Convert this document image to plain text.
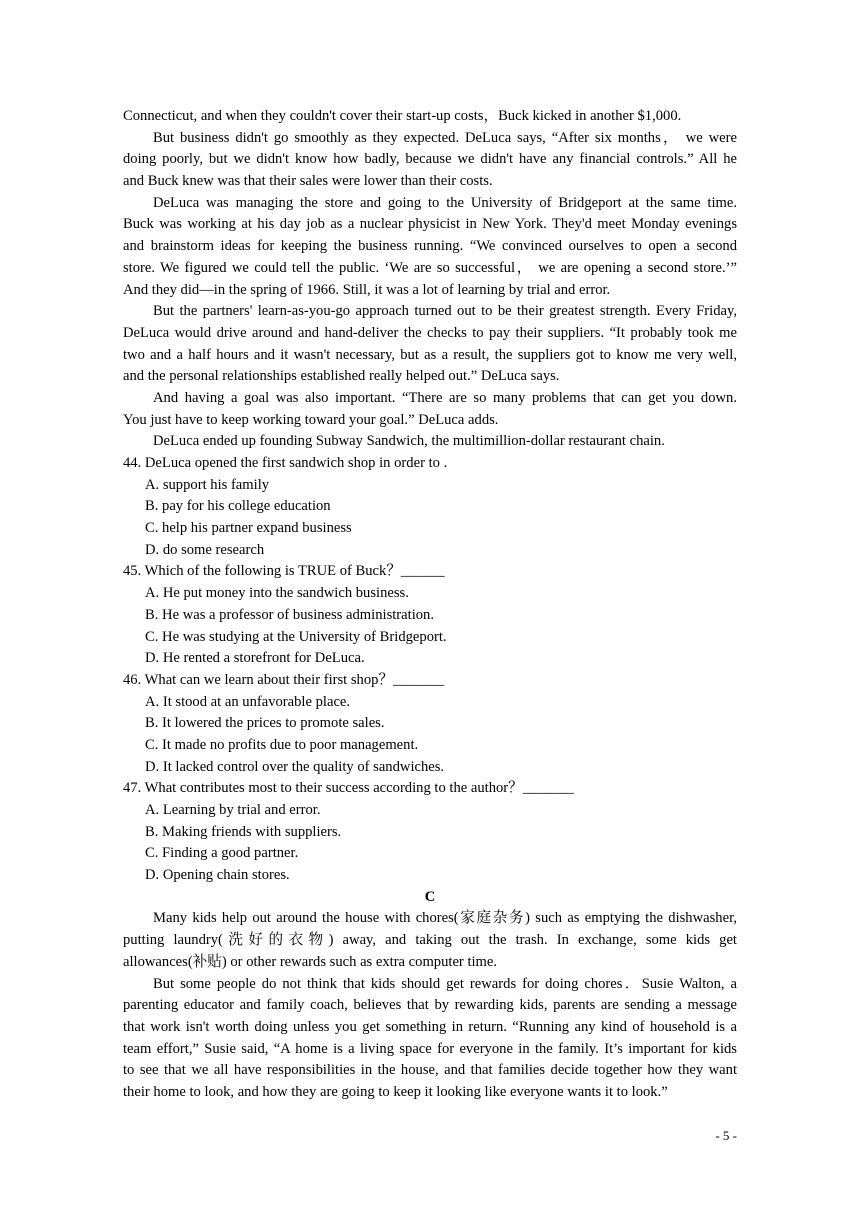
Connecticut, and when they couldn't cover their start-up costs，Buck kicked in another $1,000.
But business didn't go smoothly as they expected. DeLuca says, “After six months， we were
doing poorly, but we didn't know how badly, because we didn't have any financial controls.” All he
and Buck knew was that their sales were lower than their costs.
DeLuca was managing the store and going to the University of Bridgeport at the same time.
Buck was working at his day job as a nuclear physicist in New York. They'd meet Monday evenings
and brainstorm ideas for keeping the business running. “We convinced ourselves to open a second
store. We figured we could tell the public. ‘We are so successful， we are opening a second store.’”
And they did—in the spring of 1966. Still, it was a lot of learning by trial and error.
But the partners' learn-as-you-go approach turned out to be their greatest strength. Every Friday,
DeLuca would drive around and hand-deliver the checks to pay their suppliers. “It probably took me
two and a half hours and it wasn't necessary, but as a result, the suppliers got to know me very well,
and the personal relationships established really helped out.” DeLuca says.
And having a goal was also important. “There are so many problems that can get you down.
You just have to keep working toward your goal.” DeLuca adds.
DeLuca ended up founding Subway Sandwich, the multimillion-dollar restaurant chain.
44. DeLuca opened the first sandwich shop in order to .
A. support his family
B. pay for his college education
C. help his partner expand business
D. do some research
45. Which of the following is TRUE of Buck？______
A. He put money into the sandwich business.
B. He was a professor of business administration.
C. He was studying at the University of Bridgeport.
D. He rented a storefront for DeLuca.
46. What can we learn about their first shop？_______
A. It stood at an unfavorable place.
B. It lowered the prices to promote sales.
C. It made no profits due to poor management.
D. It lacked control over the quality of sandwiches.
47. What contributes most to their success according to the author？_______
A. Learning by trial and error.
B. Making friends with suppliers.
C. Finding a good partner.
D. Opening chain stores.
C
Many kids help out around the house with chores(家庭杂务) such as emptying the dishwasher,
putting laundry(洗好的衣物) away, and taking out the trash. In exchange, some kids get
allowances(补贴) or other rewards such as extra computer time.
But some people do not think that kids should get rewards for doing chores．Susie Walton, a
parenting educator and family coach, believes that by rewarding kids, parents are sending a message
that work isn't worth doing unless you get something in return. “Running any kind of household is a
team effort,” Susie said, “A home is a living space for everyone in the family. It’s important for kids
to see that we all have responsibilities in the house, and that families decide together how they want
their home to look, and how they are going to keep it looking like everyone wants it to look.”
- 5 -
